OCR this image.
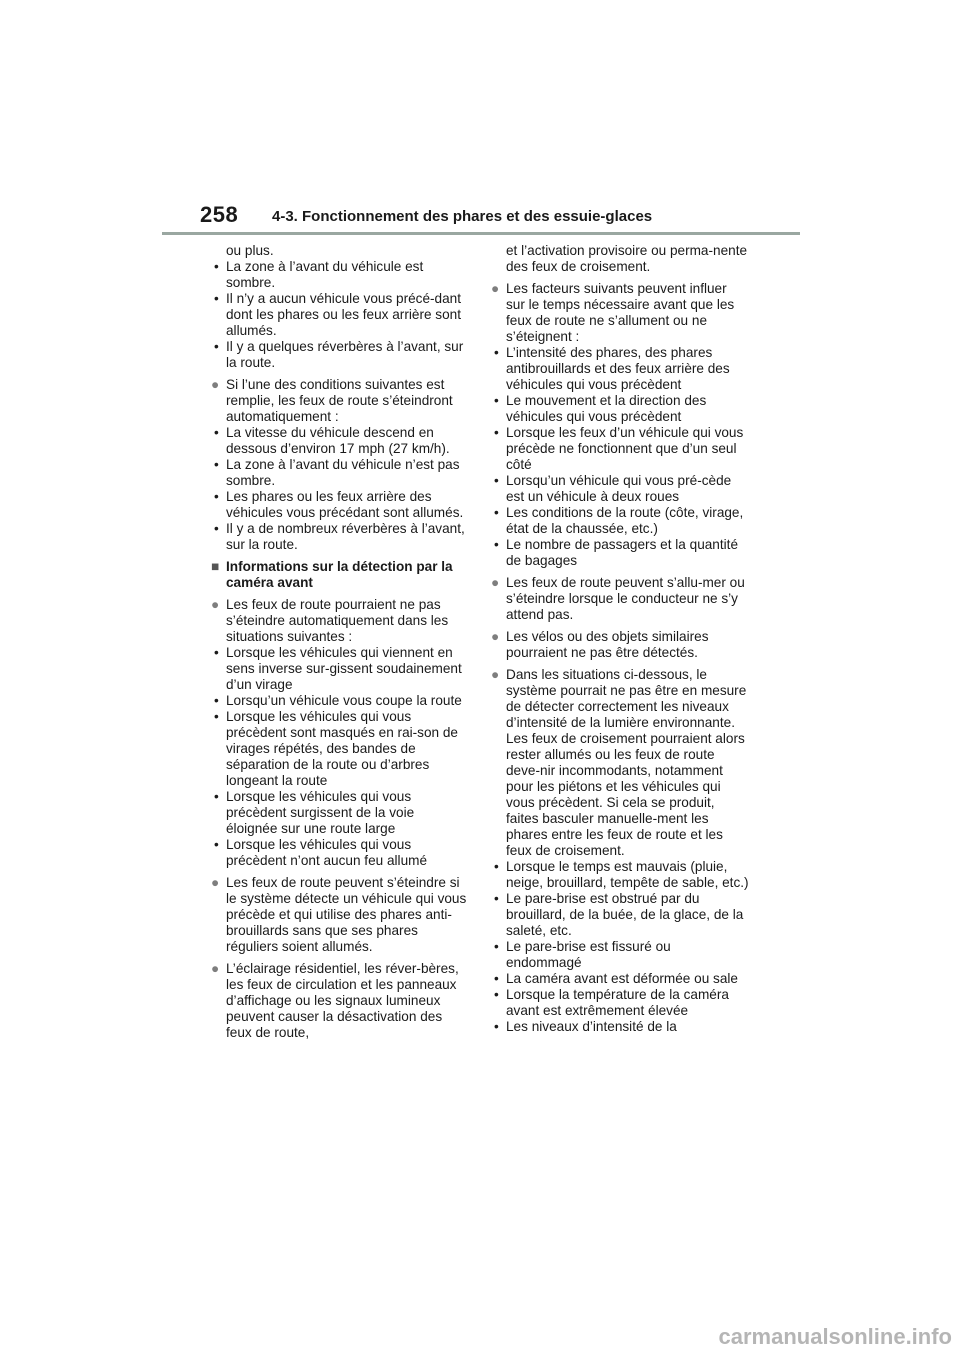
258 4-3. Fonctionnement des phares et des essuie-glaces
ou plus.
• La zone à l’avant du véhicule est sombre.
• Il n’y a aucun véhicule vous précé-dant dont les phares ou les feux arrière sont allumés.
• Il y a quelques réverbères à l’avant, sur la route.
● Si l’une des conditions suivantes est remplie, les feux de route s’éteindront automatiquement :
• La vitesse du véhicule descend en dessous d’environ 17 mph (27 km/h).
• La zone à l’avant du véhicule n’est pas sombre.
• Les phares ou les feux arrière des véhicules vous précédant sont allumés.
• Il y a de nombreux réverbères à l’avant, sur la route.
■ Informations sur la détection par la caméra avant
● Les feux de route pourraient ne pas s’éteindre automatiquement dans les situations suivantes :
• Lorsque les véhicules qui viennent en sens inverse sur-gissent soudainement d’un virage
• Lorsqu’un véhicule vous coupe la route
• Lorsque les véhicules qui vous précèdent sont masqués en rai-son de virages répétés, des bandes de séparation de la route ou d’arbres longeant la route
• Lorsque les véhicules qui vous précèdent surgissent de la voie éloignée sur une route large
• Lorsque les véhicules qui vous précèdent n’ont aucun feu allumé
● Les feux de route peuvent s’éteindre si le système détecte un véhicule qui vous précède et qui utilise des phares anti-brouillards sans que ses phares réguliers soient allumés.
● L’éclairage résidentiel, les réver-bères, les feux de circulation et les panneaux d’affichage ou les signaux lumineux peuvent causer la désactivation des feux de route,
et l’activation provisoire ou perma-nente des feux de croisement.
● Les facteurs suivants peuvent influer sur le temps nécessaire avant que les feux de route ne s’allument ou ne s’éteignent :
• L’intensité des phares, des phares antibrouillards et des feux arrière des véhicules qui vous précèdent
• Le mouvement et la direction des véhicules qui vous précèdent
• Lorsque les feux d’un véhicule qui vous précède ne fonctionnent que d’un seul côté
• Lorsqu’un véhicule qui vous pré-cède est un véhicule à deux roues
• Les conditions de la route (côte, virage, état de la chaussée, etc.)
• Le nombre de passagers et la quantité de bagages
● Les feux de route peuvent s’allu-mer ou s’éteindre lorsque le conducteur ne s’y attend pas.
● Les vélos ou des objets similaires pourraient ne pas être détectés.
● Dans les situations ci-dessous, le système pourrait ne pas être en mesure de détecter correctement les niveaux d’intensité de la lumière environnante. Les feux de croisement pourraient alors rester allumés ou les feux de route deve-nir incommodants, notamment pour les piétons et les véhicules qui vous précèdent. Si cela se produit, faites basculer manuelle-ment les phares entre les feux de route et les feux de croisement.
• Lorsque le temps est mauvais (pluie, neige, brouillard, tempête de sable, etc.)
• Le pare-brise est obstrué par du brouillard, de la buée, de la glace, de la saleté, etc.
• Le pare-brise est fissuré ou endommagé
• La caméra avant est déformée ou sale
• Lorsque la température de la caméra avant est extrêmement élevée
• Les niveaux d’intensité de la
carmanualsonline.info
